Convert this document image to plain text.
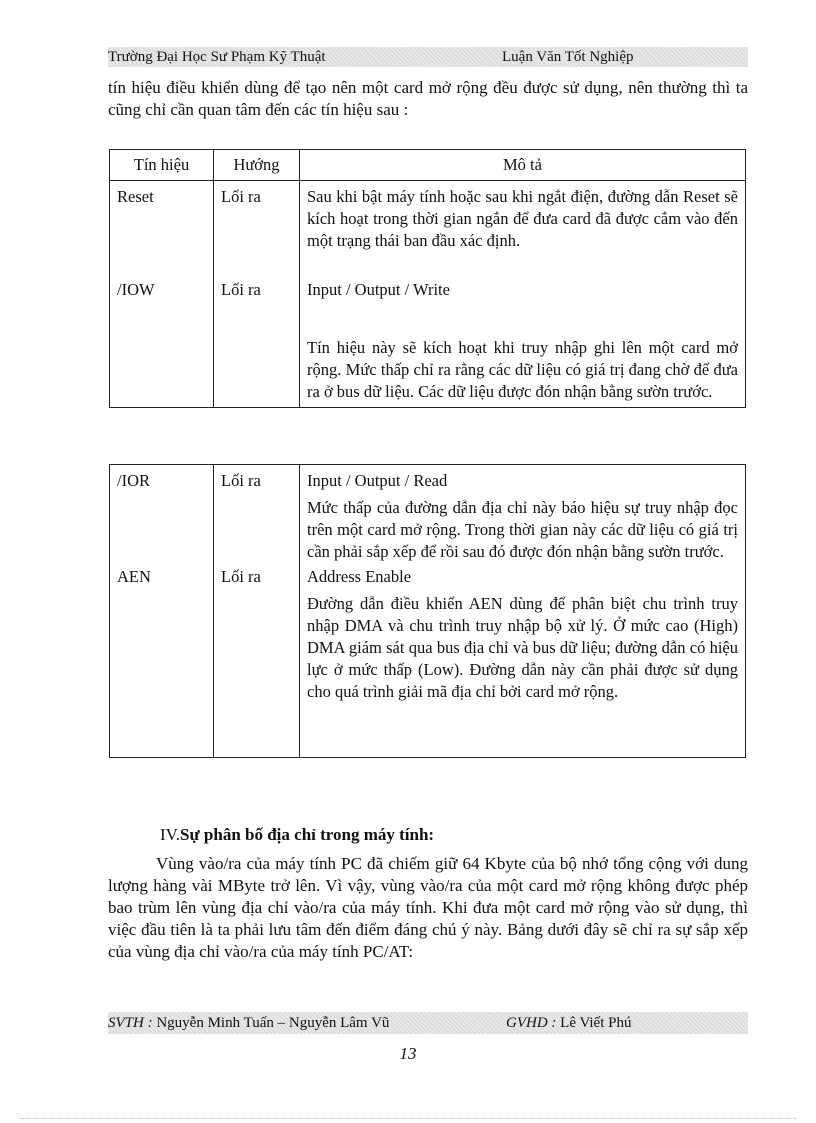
Trường Đại Học Sư Phạm Kỹ Thuật	Luận Văn Tốt Nghiệp

tín hiệu điều khiển dùng để tạo nên một card mở rộng đều được sử dụng, nên thường thì ta cũng chỉ cần quan tâm đến các tín hiệu sau :

Tín hiệu	Hướng	Mô tả
Reset	Lối ra	Sau khi bật máy tính hoặc sau khi ngắt điện, đường dẫn Reset sẽ kích hoạt trong thời gian ngắn để đưa card đã được cắm vào đến một trạng thái ban đầu xác định.

/IOW	Lối ra	Input / Output / Write

Tín hiệu này sẽ kích hoạt khi truy nhập ghi lên một card mở rộng. Mức thấp chỉ ra rằng các dữ liệu có giá trị đang chờ để đưa ra ở bus dữ liệu. Các dữ liệu được đón nhận bằng sườn trước.

/IOR	Lối ra	Input / Output / Read

Mức thấp của đường dẫn địa chỉ này báo hiệu sự truy nhập đọc trên một card mở rộng. Trong thời gian này các dữ liệu có giá trị cần phải sắp xếp để rồi sau đó được đón nhận bằng sườn trước.

AEN	Lối ra	Address Enable

Đường dẫn điều khiển AEN dùng để phân biệt chu trình truy nhập DMA và chu trình truy nhập bộ xử lý. Ở mức cao (High) DMA giám sát qua bus địa chỉ và bus dữ liệu; đường dẫn có hiệu lực ở mức thấp (Low). Đường dẫn này cần phải được sử dụng cho quá trình giải mã địa chỉ bởi card mở rộng.

IV.Sự phân bố địa chỉ trong máy tính:

Vùng vào/ra của máy tính PC đã chiếm giữ 64 Kbyte của bộ nhớ tổng cộng với dung lượng hàng vài MByte trở lên. Vì vậy, vùng vào/ra của một card mở rộng không được phép bao trùm lên vùng địa chỉ vào/ra của máy tính. Khi đưa một card mở rộng vào sử dụng, thì việc đầu tiên là ta phải lưu tâm đến điểm đáng chú ý này. Bảng dưới đây sẽ chỉ ra sự sắp xếp của vùng địa chỉ vào/ra của máy tính PC/AT:

SVTH : Nguyễn Minh Tuấn – Nguyễn Lâm Vũ	GVHD : Lê Viết Phú
13
